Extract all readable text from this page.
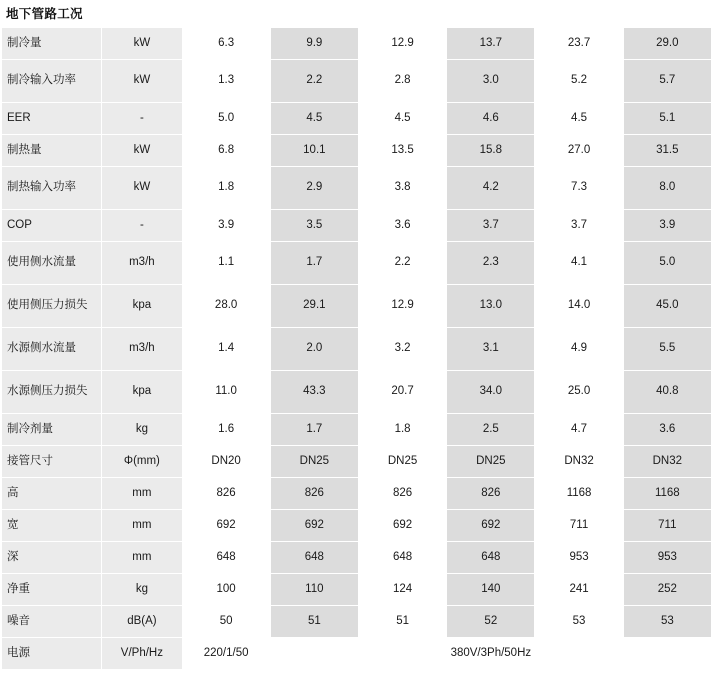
地下管路工况
制冷量	kW	6.3	9.9	12.9	13.7	23.7	29.0
制冷输入功率	kW	1.3	2.2	2.8	3.0	5.2	5.7
EER	-	5.0	4.5	4.5	4.6	4.5	5.1
制热量	kW	6.8	10.1	13.5	15.8	27.0	31.5
制热输入功率	kW	1.8	2.9	3.8	4.2	7.3	8.0
COP	-	3.9	3.5	3.6	3.7	3.7	3.9
使用侧水流量	m3/h	1.1	1.7	2.2	2.3	4.1	5.0
使用侧压力损失	kpa	28.0	29.1	12.9	13.0	14.0	45.0
水源侧水流量	m3/h	1.4	2.0	3.2	3.1	4.9	5.5
水源侧压力损失	kpa	11.0	43.3	20.7	34.0	25.0	40.8
制冷剂量	kg	1.6	1.7	1.8	2.5	4.7	3.6
接管尺寸	Φ(mm)	DN20	DN25	DN25	DN25	DN32	DN32
高	mm	826	826	826	826	1168	1168
宽	mm	692	692	692	692	711	711
深	mm	648	648	648	648	953	953
净重	kg	100	110	124	140	241	252
噪音	dB(A)	50	51	51	52	53	53
电源	V/Ph/Hz	220/1/50	380V/3Ph/50Hz				
